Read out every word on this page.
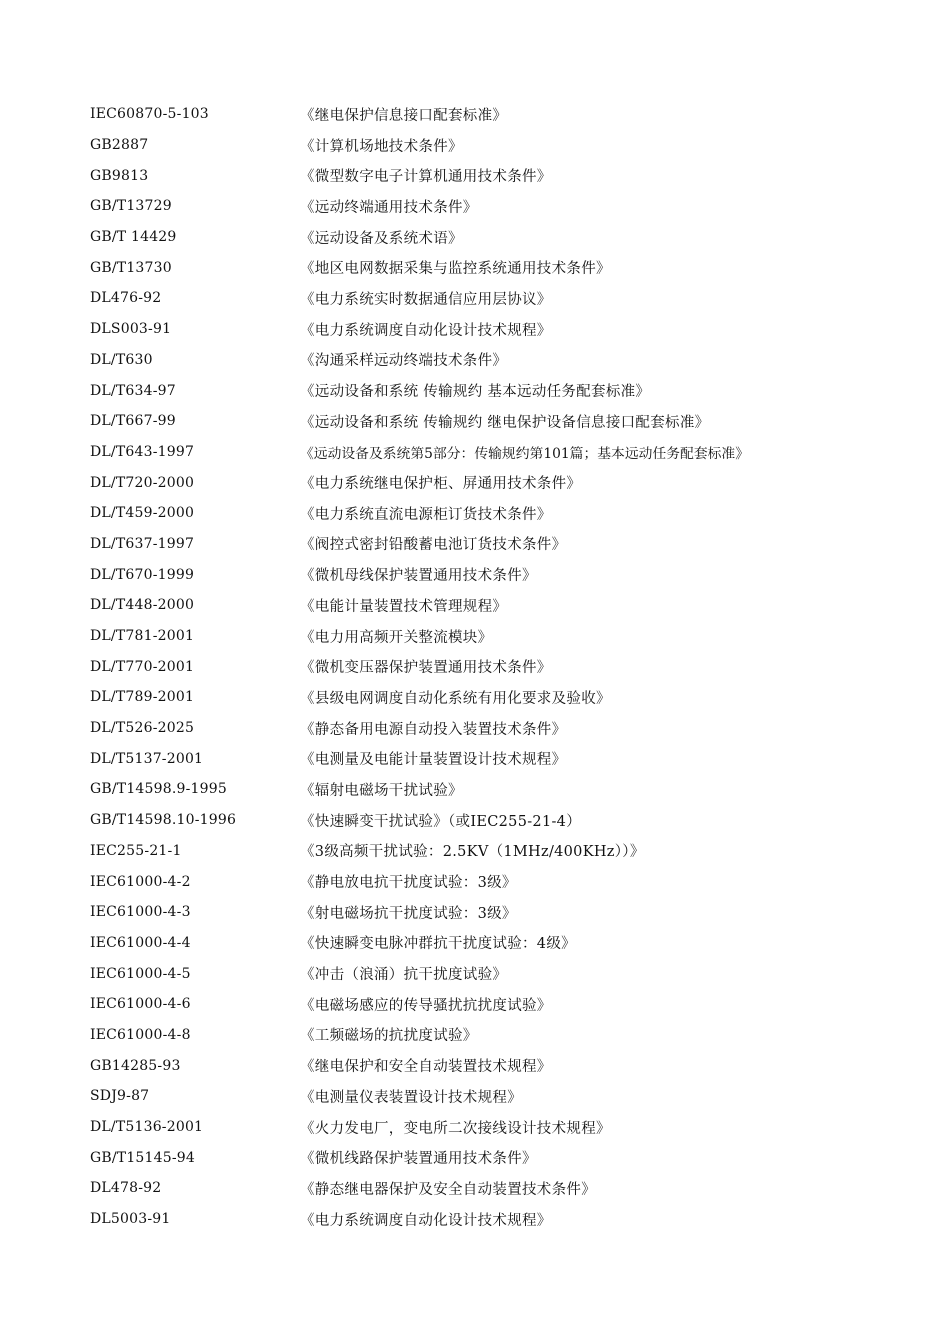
IEC60870-5-103	《继电保护信息接口配套标准》
GB2887	《计算机场地技术条件》
GB9813	《微型数字电子计算机通用技术条件》
GB/T13729	《远动终端通用技术条件》
GB/T 14429	《远动设备及系统术语》
GB/T13730	《地区电网数据采集与监控系统通用技术条件》
DL476-92	《电力系统实时数据通信应用层协议》
DLS003-91	《电力系统调度自动化设计技术规程》
DL/T630	《沟通采样远动终端技术条件》
DL/T634-97	《远动设备和系统 传输规约 基本远动任务配套标准》
DL/T667-99	《远动设备和系统 传输规约 继电保护设备信息接口配套标准》
DL/T643-1997	《远动设备及系统第5部分：传输规约第101篇；基本远动任务配套标准》
DL/T720-2000	《电力系统继电保护柜、屏通用技术条件》
DL/T459-2000	《电力系统直流电源柜订货技术条件》
DL/T637-1997	《阀控式密封铅酸蓄电池订货技术条件》
DL/T670-1999	《微机母线保护装置通用技术条件》
DL/T448-2000	《电能计量装置技术管理规程》
DL/T781-2001	《电力用高频开关整流模块》
DL/T770-2001	《微机变压器保护装置通用技术条件》
DL/T789-2001	《县级电网调度自动化系统有用化要求及验收》
DL/T526-2025	《静态备用电源自动投入装置技术条件》
DL/T5137-2001	《电测量及电能计量装置设计技术规程》
GB/T14598.9-1995	《辐射电磁场干扰试验》
GB/T14598.10-1996	《快速瞬变干扰试验》（或IEC255-21-4）
IEC255-21-1	《3级高频干扰试验：2.5KV（1MHz/400KHz））》
IEC61000-4-2	《静电放电抗干扰度试验：3级》
IEC61000-4-3	《射电磁场抗干扰度试验：3级》
IEC61000-4-4	《快速瞬变电脉冲群抗干扰度试验：4级》
IEC61000-4-5	《冲击（浪涌）抗干扰度试验》
IEC61000-4-6	《电磁场感应的传导骚扰抗扰度试验》
IEC61000-4-8	《工频磁场的抗扰度试验》
GB14285-93	《继电保护和安全自动装置技术规程》
SDJ9-87	《电测量仪表装置设计技术规程》
DL/T5136-2001	《火力发电厂，变电所二次接线设计技术规程》
GB/T15145-94	《微机线路保护装置通用技术条件》
DL478-92	《静态继电器保护及安全自动装置技术条件》
DL5003-91	《电力系统调度自动化设计技术规程》
